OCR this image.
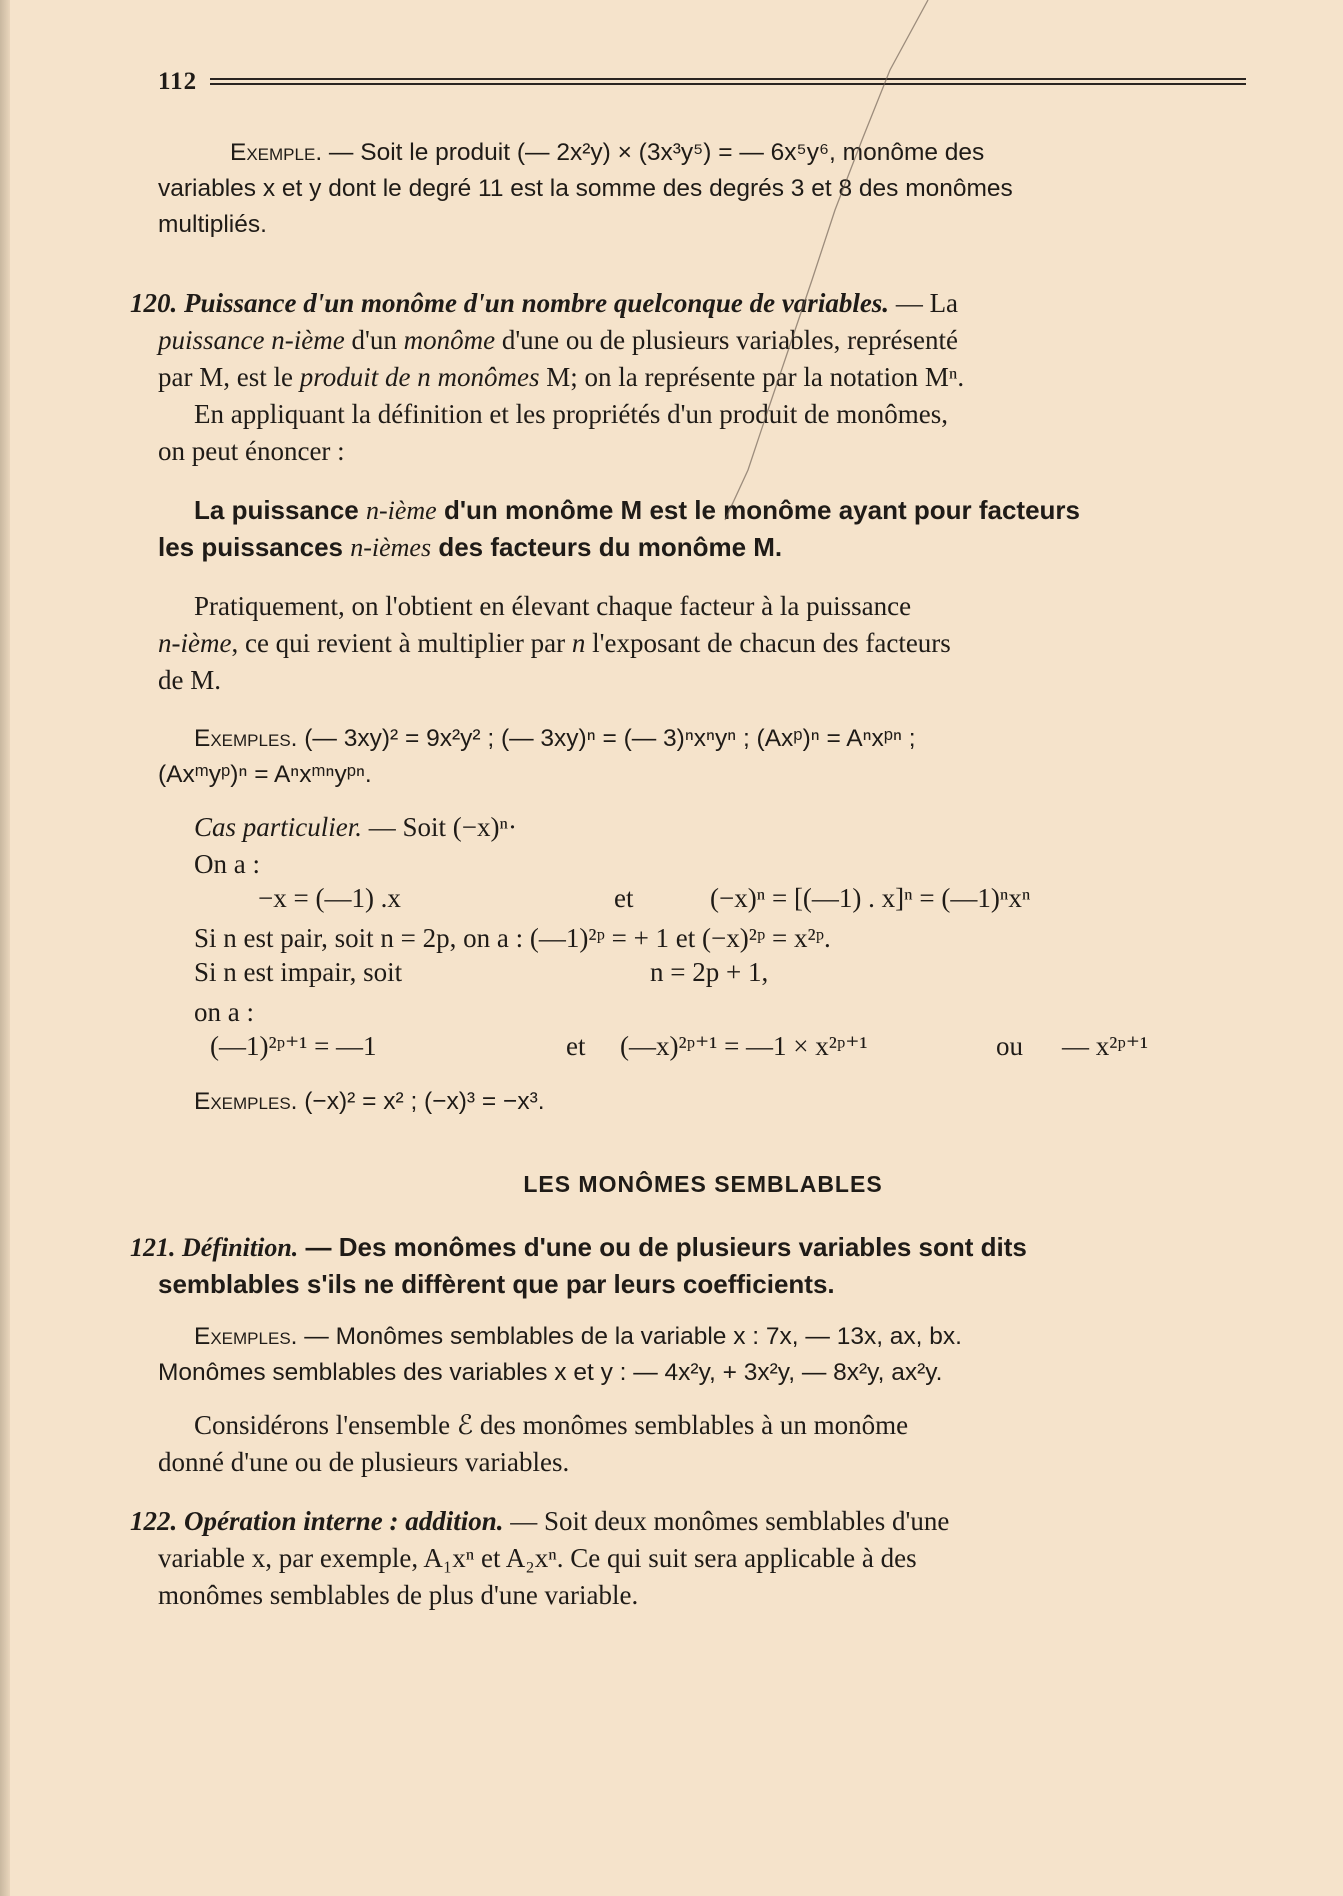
112

Exemple. — Soit le produit (— 2x²y) × (3x³y⁵) = — 6x⁵y⁶, monôme des

variables x et y dont le degré 11 est la somme des degrés 3 et 8 des monômes

multipliés.

120. Puissance d'un monôme d'un nombre quelconque de variables. — La

puissance n-ième d'un monôme d'une ou de plusieurs variables, représenté

par M, est le produit de n monômes M; on la représente par la notation Mⁿ.

En appliquant la définition et les propriétés d'un produit de monômes,

on peut énoncer :

La puissance n-ième d'un monôme M est le monôme ayant pour facteurs

les puissances n-ièmes des facteurs du monôme M.

Pratiquement, on l'obtient en élevant chaque facteur à la puissance

n-ième, ce qui revient à multiplier par n l'exposant de chacun des facteurs

de M.

Exemples. (— 3xy)² = 9x²y² ; (— 3xy)ⁿ = (— 3)ⁿxⁿyⁿ ; (Axᵖ)ⁿ = Aⁿxᵖⁿ ;

(Axᵐyᵖ)ⁿ = Aⁿxᵐⁿyᵖⁿ.

Cas particulier. — Soit (−x)ⁿ·

On a :

−x = (—1) .x	et	(−x)ⁿ = [(—1) . x]ⁿ = (—1)ⁿxⁿ

Si n est pair, soit n = 2p, on a : (—1)²ᵖ = + 1 et (−x)²ᵖ = x²ᵖ.

Si n est impair, soit	n = 2p + 1,

on a :

(—1)²ᵖ⁺¹ = —1	et (—x)²ᵖ⁺¹ = —1 × x²ᵖ⁺¹	ou — x²ᵖ⁺¹

Exemples. (−x)² = x² ; (−x)³ = −x³.

LES MONÔMES SEMBLABLES

121. Définition. — Des monômes d'une ou de plusieurs variables sont dits

semblables s'ils ne diffèrent que par leurs coefficients.

Exemples. — Monômes semblables de la variable x : 7x, — 13x, ax, bx.

Monômes semblables des variables x et y : — 4x²y, + 3x²y, — 8x²y, ax²y.

Considérons l'ensemble ℰ des monômes semblables à un monôme

donné d'une ou de plusieurs variables.

122. Opération interne : addition. — Soit deux monômes semblables d'une

variable x, par exemple, A₁xⁿ et A₂xⁿ. Ce qui suit sera applicable à des

monômes semblables de plus d'une variable.
